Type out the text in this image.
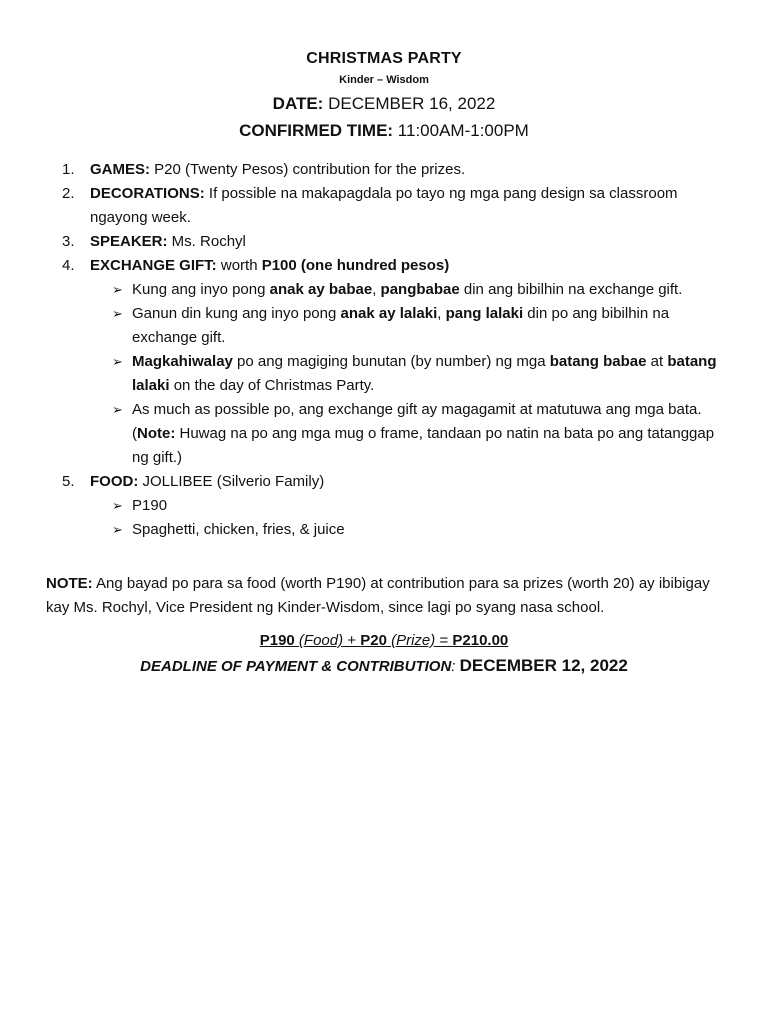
CHRISTMAS PARTY
Kinder – Wisdom
DATE: DECEMBER 16, 2022
CONFIRMED TIME: 11:00AM-1:00PM
1.	GAMES: P20 (Twenty Pesos) contribution for the prizes.
2.	DECORATIONS: If possible na makapagdala po tayo ng mga pang design sa classroom ngayong week.
3.	SPEAKER: Ms. Rochyl
4.	EXCHANGE GIFT: worth P100 (one hundred pesos)
➢ Kung ang inyo pong anak ay babae, pangbabae din ang bibilhin na exchange gift.
➢ Ganun din kung ang inyo pong anak ay lalaki, pang lalaki din po ang bibilhin na exchange gift.
➢ Magkahiwalay po ang magiging bunutan (by number) ng mga batang babae at batang lalaki on the day of Christmas Party.
➢ As much as possible po, ang exchange gift ay magagamit at matutuwa ang mga bata.
(Note: Huwag na po ang mga mug o frame, tandaan po natin na bata po ang tatanggap ng gift.)
5.	FOOD: JOLLIBEE (Silverio Family)
➢ P190
➢ Spaghetti, chicken, fries, & juice
NOTE: Ang bayad po para sa food (worth P190) at contribution para sa prizes (worth 20) ay ibibigay kay Ms. Rochyl, Vice President ng Kinder-Wisdom, since lagi po syang nasa school.
P190 (Food) + P20 (Prize) = P210.00
DEADLINE OF PAYMENT & CONTRIBUTION: DECEMBER 12, 2022
